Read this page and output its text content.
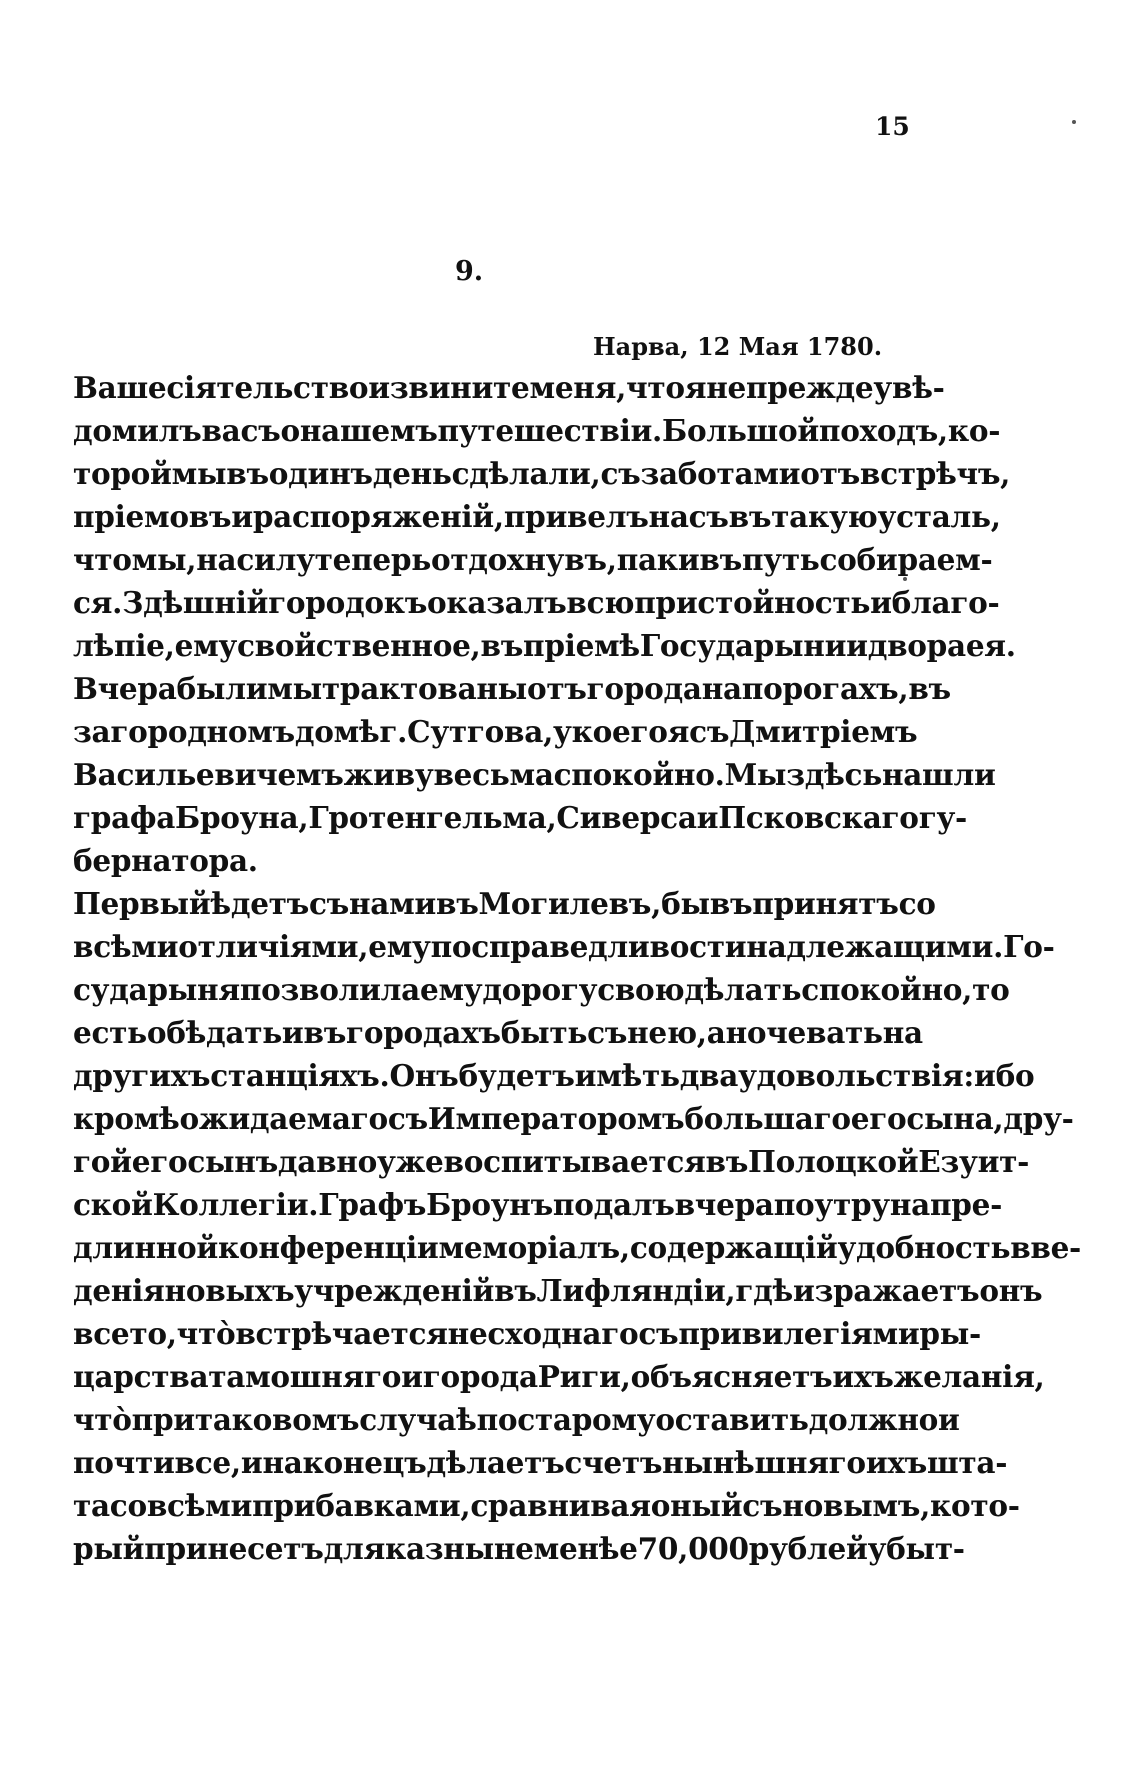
15
9.
Нарва, 12 Мая 1780.
Ваше сіятельство извините меня, что я не прежде увѣ-
домилъ васъ о нашемъ путешествіи. Большой походъ, ко-
торой мы въ одинъ день сдѣлали, съ заботами отъ встрѣчъ,
пріемовъ и распоряженій, привелъ насъ въ такую усталь,
что мы, на силу теперь отдохнувъ, паки въ путь собираем-
ся. Здѣшній городокъ оказалъ всю пристойность и благо-
лѣпіе, ему свойственное, въ пріемѣ Государыни и двора ея.
Вчера были мы трактованы отъ города на порогахъ, въ
загородномъ домѣ г. Сутгова, у коего я съ Дмитріемъ
Васильевичемъ живу весьма спокойно. Мы здѣсь нашли
графа Броуна, Гротенгельма, Сиверса и Псковскаго гу-
бернатора.
Первый ѣдетъ съ нами въ Могилевъ, бывъ принятъ со
всѣми отличіями, ему по справедливости надлежащими. Го-
сударыня позволила ему дорогу свою дѣлать спокойно, то
есть обѣдать и въ городахъ быть съ нею, а ночевать на
другихъ станціяхъ. Онъ будетъ имѣть два удовольствія: ибо
кромѣ ожидаемаго съ Императоромъ большаго его сына, дру-
гой его сынъ давно уже воспитывается въ Полоцкой Езуит-
ской Коллегіи. Графъ Броунъ подалъ вчера поутру на пре-
длинной конференціи меморіалъ, содержащій удобность вве-
денія новыхъ учрежденій въ Лифляндіи, гдѣ изражаетъ онъ
все то, чтò встрѣчается несходнаго съ привилегіями ры-
царства тамошняго и города Риги, объясняетъ ихъ желанія,
чтò при таковомъ случаѣ по старому оставить должно и
почти все, и наконецъ дѣлаетъ счетъ нынѣшняго ихъ шта-
та со всѣми прибавками, сравнивая оный съ новымъ, кото-
рый принесетъ для казны не менѣе 70,000 рублей убыт-
